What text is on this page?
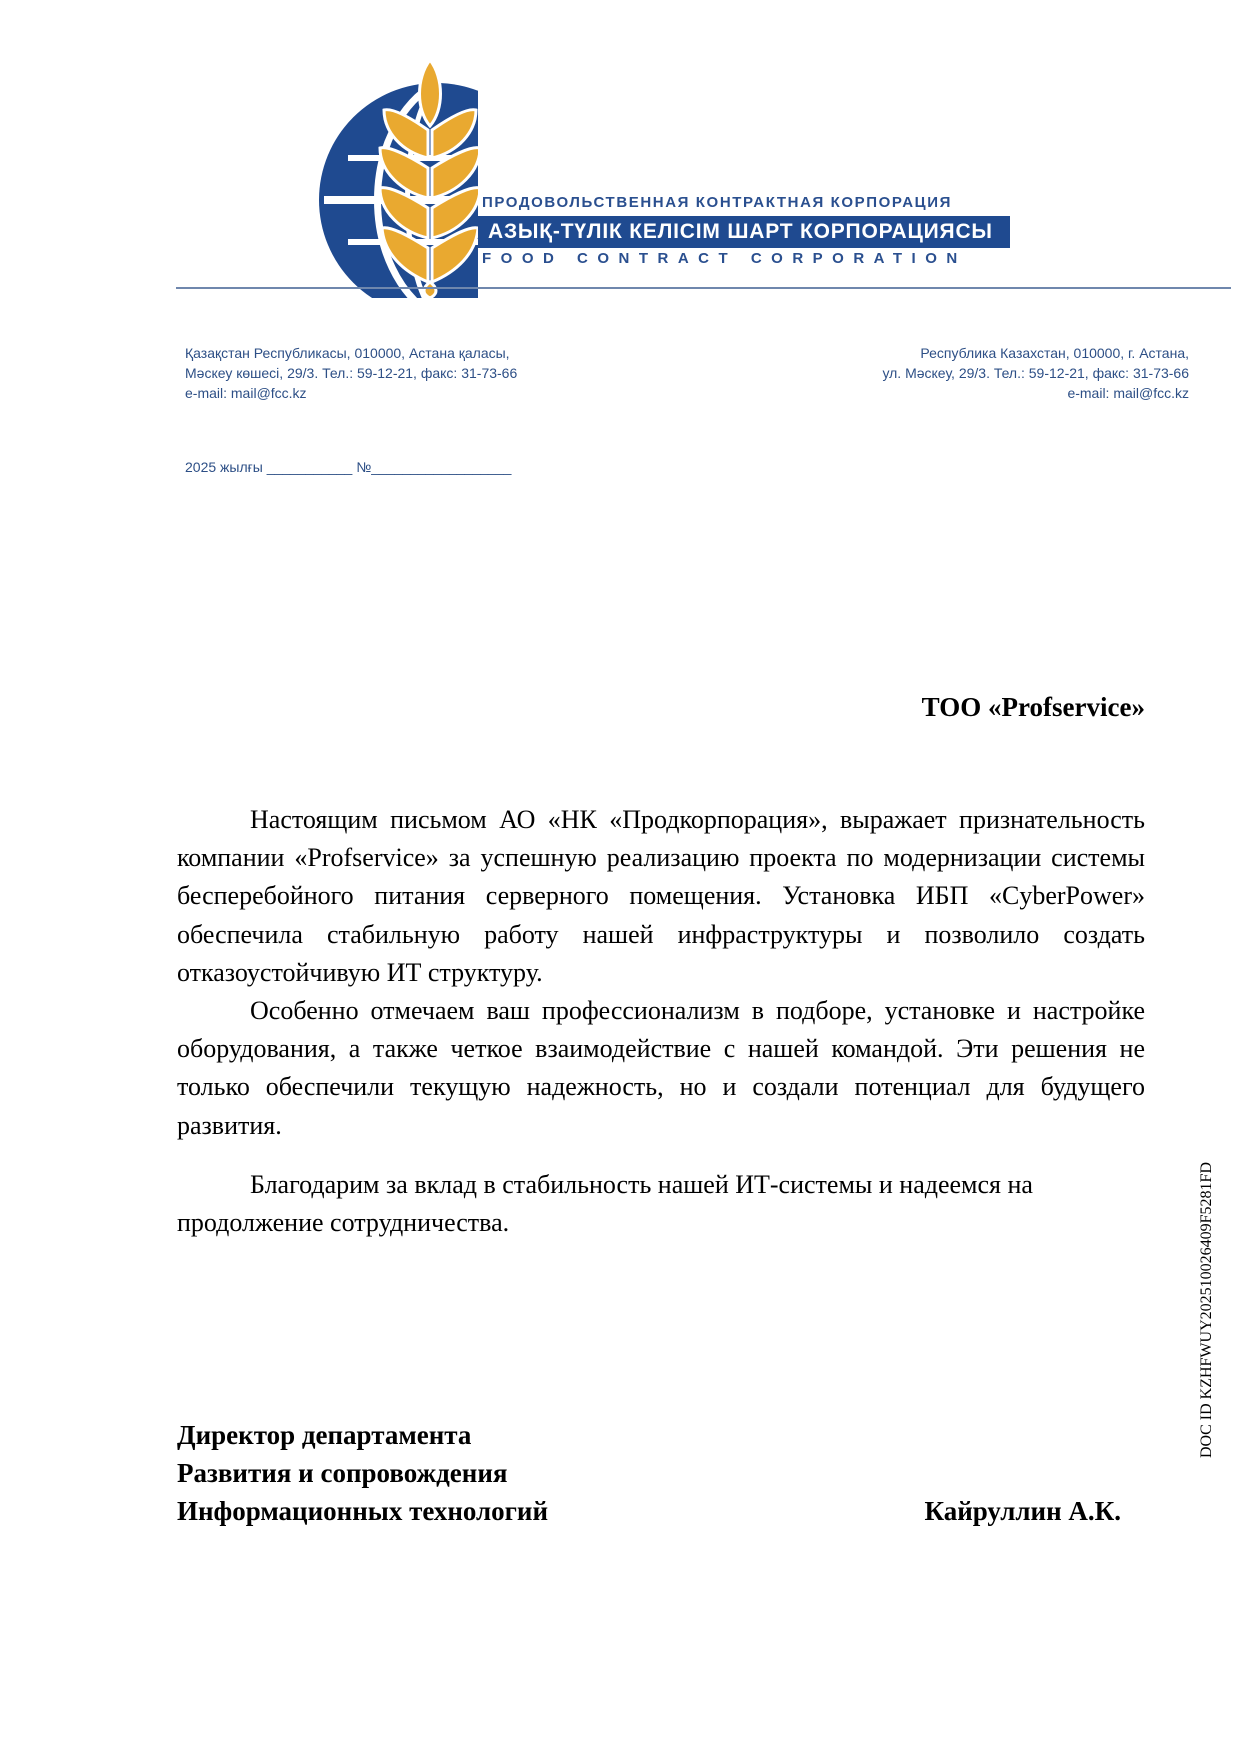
ПРОДОВОЛЬСТВЕННАЯ КОНТРАКТНАЯ КОРПОРАЦИЯ
АЗЫҚ-ТҮЛІК КЕЛІСІМ ШАРТ КОРПОРАЦИЯСЫ
FOOD CONTRACT CORPORATION
Қазақстан Республикасы, 010000, Астана қаласы,
Мәскеу көшесі, 29/3. Тел.: 59-12-21, факс: 31-73-66
e-mail: mail@fcc.kz
Республика Казахстан, 010000, г. Астана,
ул. Мәскеу, 29/3. Тел.: 59-12-21, факс: 31-73-66
e-mail: mail@fcc.kz
2025 жылғы ___________ №__________________
ТОО «Profservice»

Настоящим письмом АО «НК «Продкорпорация», выражает признательность компании «Profservice» за успешную реализацию проекта по модернизации системы бесперебойного питания серверного помещения. Установка ИБП «CyberPower» обеспечила стабильную работу нашей инфраструктуры и позволило создать отказоустойчивую ИТ структуру.

Особенно отмечаем ваш профессионализм в подборе, установке и настройке оборудования, а также четкое взаимодействие с нашей командой. Эти решения не только обеспечили текущую надежность, но и создали потенциал для будущего развития.

Благодарим за вклад в стабильность нашей ИТ-системы и надеемся на продолжение сотрудничества.

Директор департамента
Развития и сопровождения
Информационных технологий	Кайруллин А.К.
DOC ID KZHFWUY202510026409F5281FD
